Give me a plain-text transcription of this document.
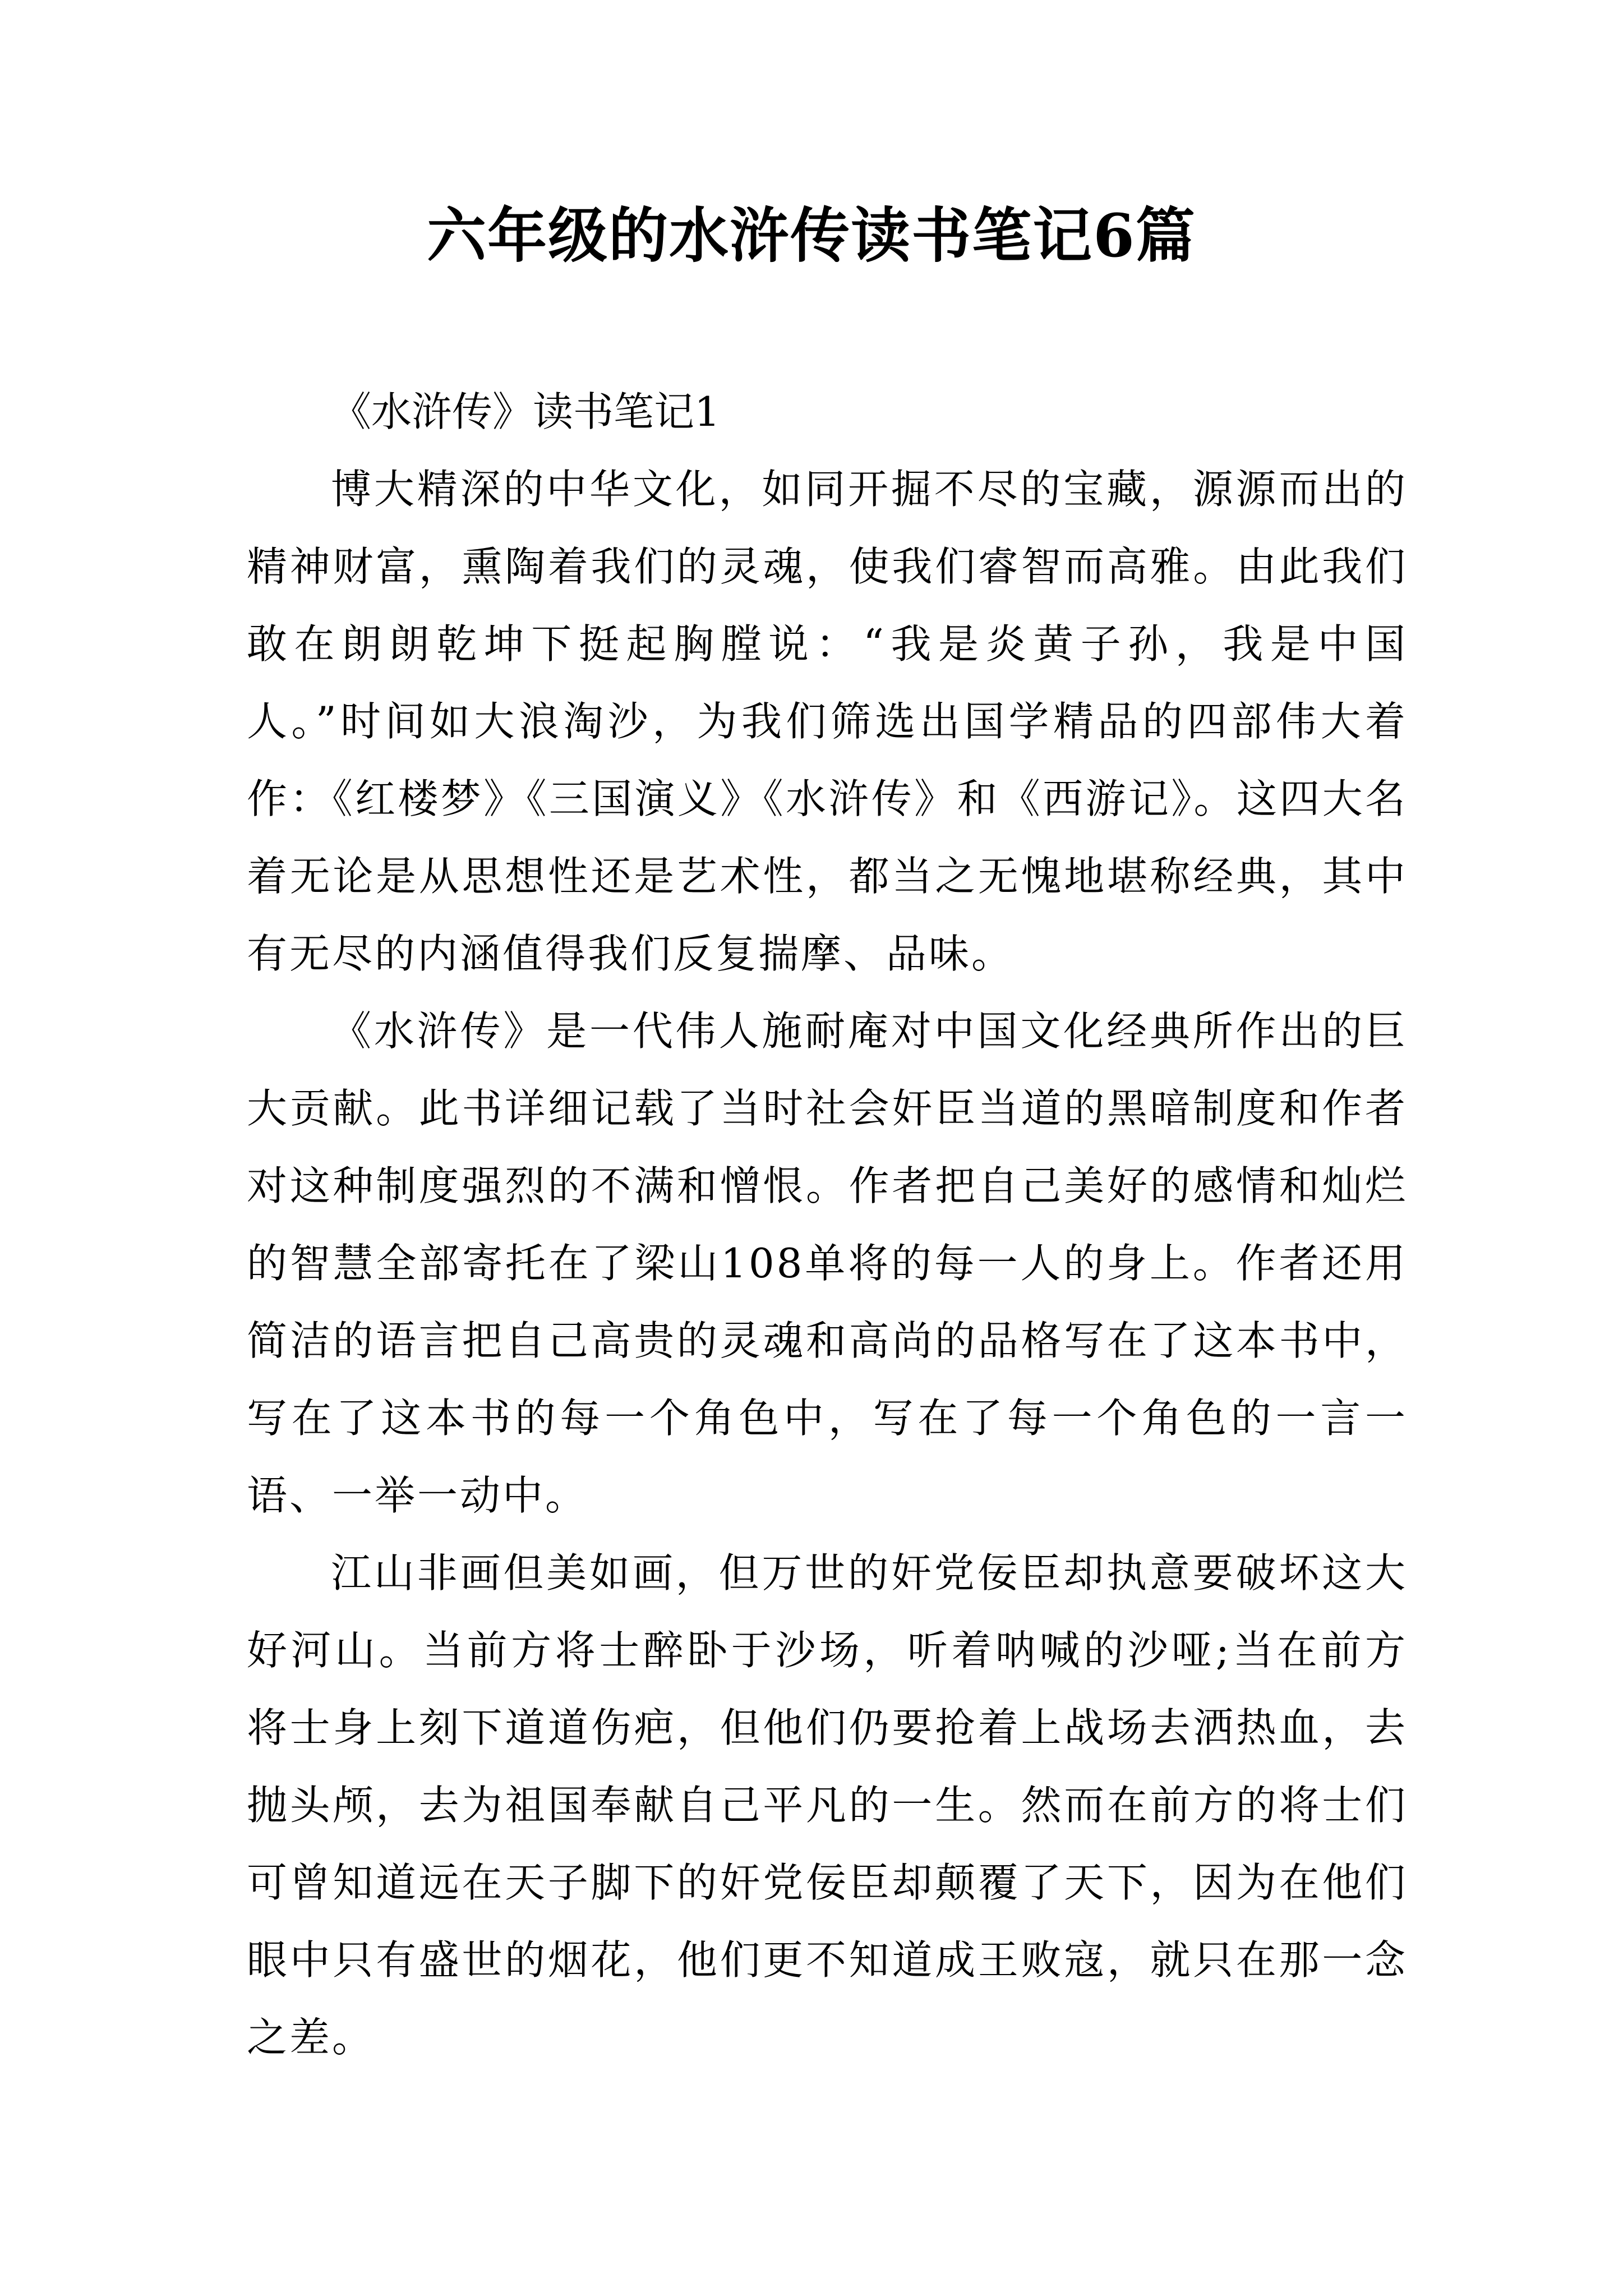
六年级的水浒传读书笔记6篇

《水浒传》读书笔记1

博大精深的中华文化，如同开掘不尽的宝藏，源源而出的精神财富，熏陶着我们的灵魂，使我们睿智而高雅。由此我们敢在朗朗乾坤下挺起胸膛说：“我是炎黄子孙，我是中国人。”时间如大浪淘沙，为我们筛选出国学精品的四部伟大着作：《红楼梦》《三国演义》《水浒传》和《西游记》。这四大名着无论是从思想性还是艺术性，都当之无愧地堪称经典，其中有无尽的内涵值得我们反复揣摩、品味。

《水浒传》是一代伟人施耐庵对中国文化经典所作出的巨大贡献。此书详细记载了当时社会奸臣当道的黑暗制度和作者对这种制度强烈的不满和憎恨。作者把自己美好的感情和灿烂的智慧全部寄托在了梁山108单将的每一人的身上。作者还用简洁的语言把自己高贵的灵魂和高尚的品格写在了这本书中，写在了这本书的每一个角色中，写在了每一个角色的一言一语、一举一动中。

江山非画但美如画，但万世的奸党佞臣却执意要破坏这大好河山。当前方将士醉卧于沙场，听着呐喊的沙哑;当在前方将士身上刻下道道伤疤，但他们仍要抢着上战场去洒热血，去抛头颅，去为祖国奉献自己平凡的一生。然而在前方的将士们可曾知道远在天子脚下的奸党佞臣却颠覆了天下，因为在他们眼中只有盛世的烟花，他们更不知道成王败寇，就只在那一念之差。
